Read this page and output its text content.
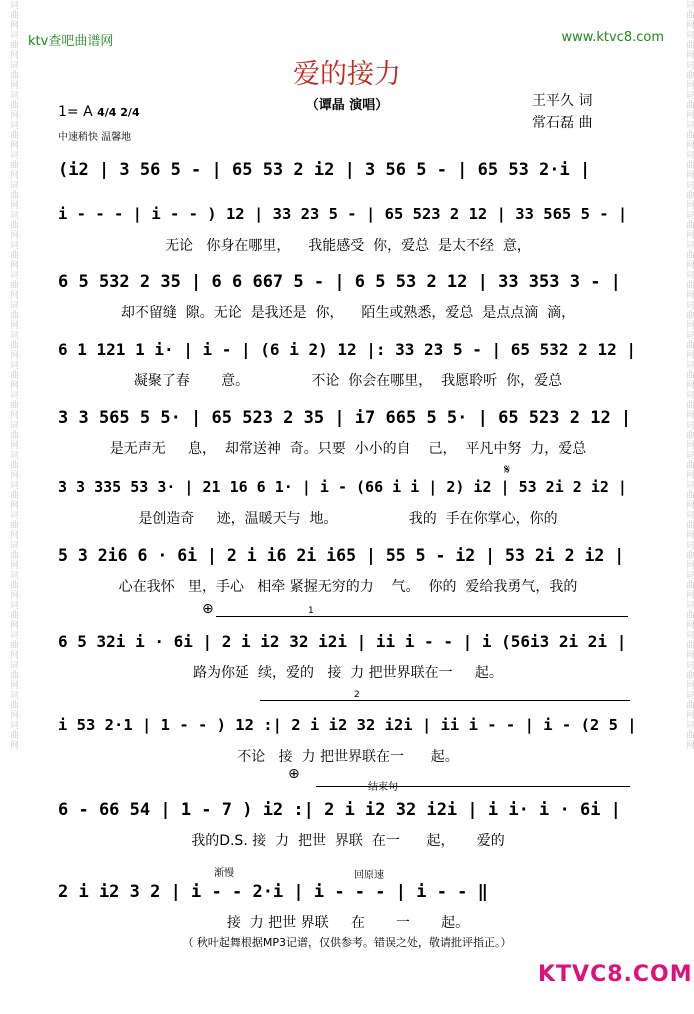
词曲网词曲网词曲网词曲网词曲网词曲网词曲网词曲网词曲网词曲网词曲网词曲网词曲网词曲网词曲网词曲网词曲网词曲网词曲网词曲网词曲网词曲网词曲网词曲网词曲网	词曲网词曲网词曲网词曲网词曲网词曲网词曲网词曲网词曲网词曲网词曲网词曲网词曲网词曲网词曲网词曲网词曲网词曲网词曲网词曲网词曲网词曲网词曲网词曲网词曲网
ktv查吧曲谱网	www.ktvc8.com
爱的接力
（谭晶 演唱）	王平久 词
常石磊 曲
1= A 4/4 2/4
中速稍快 温馨地
(i2 | 3 56 5 - | 65 53 2 i2 | 3 56 5 - | 65 53 2·i |
i - - - | i - - ) 12 | 33 23 5 - | 65 523 2 12 | 33 565 5 - |
无论   你身在哪里，    我能感受  你，爱总  是太不经  意，
6 5 532 2 35 | 6 6 667 5 - | 6 5 53 2 12 | 33 353 3 - |
却不留缝  隙。无论  是我还是  你，    陌生或熟悉，爱总  是点点滴  滴，
6 1 121 1 i· | i - | (6 i 2) 12 |: 33 23 5 - | 65 532 2 12 |
凝聚了春       意。              不论  你会在哪里，  我愿聆听  你，爱总
3 3 565 5 5· | 65 523 2 35 | i7 665 5 5· | 65 523 2 12 |
是无声无     息，  却常送神  奇。只要  小小的自    己，  平凡中努  力，爱总
𝄋
3 3 335 53 3· | 21 16 6 1· | i - (66 i i | 2) i2 | 53 2i 2 i2 |
是创造奇     迹，温暖天与  地。                我的  手在你掌心，你的
5 3 2i6 6 · 6i | 2 i i6 2i i65 | 55 5 - i2 | 53 2i 2 i2 |
心在我怀   里，手心   相牵 紧握无穷的力    气。  你的  爱给我勇气，我的
⊕	1
6 5 32i i · 6i | 2 i i2 32 i2i | ii i - - | i (56i3 2i 2i |
路为你延  续，爱的   接  力 把世界联在一     起。
2
i 53 2·1 | 1 - - ) 12 :| 2 i i2 32 i2i | ii i - - | i - (2 5 |
不论   接  力 把世界联在一      起。
⊕
结束句
6 - 66 54 | 1 - 7 ) i2 :| 2 i i2 32 i2i | i i· i · 6i |
我的D.S. 接  力  把世  界联  在一      起，     爱的
渐慢	回原速
2 i i2 3 2 | i - - 2·i | i - - - | i - - ‖
接  力 把世 界联     在       一       起。
（ 秋叶起舞根据MP3记谱，仅供参考。错误之处，敬请批评指正。）
KTVC8.COM
